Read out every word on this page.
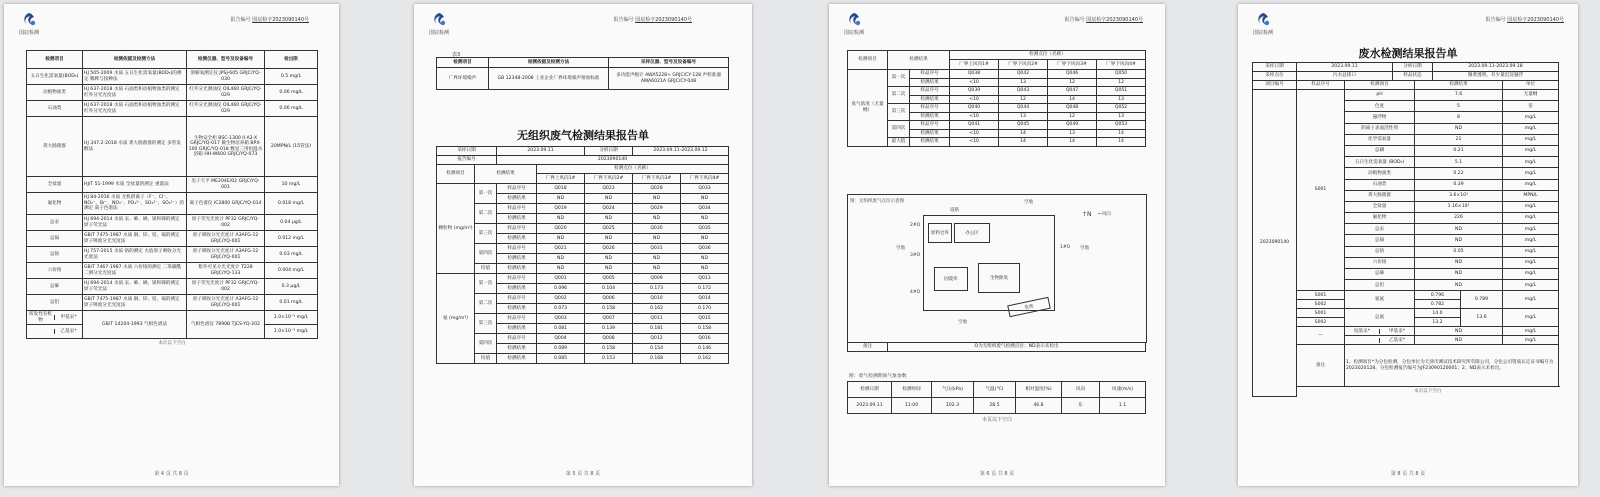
国辰检测
报告编号 国辰检字2023090140号
检测项目	检测依据及检测方法	检测仪器、型号及设备编号	检出限
五日生化需氧量(BOD₅)	HJ 505-2009 水质 五日生化需氧量(BOD₅)的测定 稀释与接种法	溶解氧测定仪 JPSJ-605 GRJC/YQ-030	0.5 mg/L
动植物油类	HJ 637-2018 水质 石油类和动植物油类的测定 红外分光光度法	红外分光测油仪 OIL460 GRJC/YQ-029	0.06 mg/L
石油类	HJ 637-2018 水质 石油类和动植物油类的测定 红外分光光度法	红外分光测油仪 OIL460 GRJC/YQ-029	0.06 mg/L
粪大肠菌群	HJ 347.2-2018 水质 粪大肠菌群的测定 多管发酵法	生物安全柜 BSC-1300 II A2-X GRJC/YQ-017 微生物培养箱 BPX-100 GRJC/YQ-018 数显三用恒温水浴箱 HH-W600 GRJC/YQ-073	20MPN/L (15管法)
全盐量	HJ/T 51-1999 水质 全盐量的测定 重量法	电子天平 ME204E/02 GRJC/YQ-001	10 mg/L
氟化物	HJ 84-2016 水质 无机阴离子（F⁻、Cl⁻、NO₂⁻、Br⁻、NO₃⁻、PO₄³⁻、SO₃²⁻、SO₄²⁻）的测定 离子色谱法	离子色谱仪 IC2800 GRJC/YQ-014	0.018 mg/L
总汞	HJ 694-2014 水质 汞、砷、硒、铋和锑的测定 原子荧光法	原子荧光光度计 PF32 GRJC/YQ-002	0.04 μg/L
总镉	GB/T 7475-1987 水质 铜、锌、铅、镉的测定 原子吸收分光光度法	原子吸收分光光度计 A3AFG-12 GRJC/YQ-001	0.012 mg/L
总铬	HJ 757-2015 水质 铬的测定 火焰原子吸收分光光度法	原子吸收分光光度计 A3AFG-12 GRJC/YQ-001	0.03 mg/L
六价铬	GB/T 7467-1987 水质 六价铬的测定 二苯碳酰二肼分光光度法	紫外可见分光光度计 T228 GRJC/YQ-133	0.004 mg/L
总砷	HJ 694-2014 水质 汞、砷、硒、铋和锑的测定 原子荧光法	原子荧光光度计 PF32 GRJC/YQ-002	0.3 μg/L
总铅	GB/T 7475-1987 水质 铜、锌、铅、镉的测定 原子吸收分光光度法	原子吸收分光光度计 A3AFG-12 GRJC/YQ-001	0.01 mg/L

挥发性有机物
甲基汞*	GB/T 14204-1993 气相色谱法	气相色谱仪 7890B TJCS-YQ-202	1.0×10⁻⁵ mg/L

乙基汞*			1.0×10⁻⁵ mg/L
本页以下空白			
第 4 页 共 8 页
国辰检测
报告编号 国辰检字2023090140号
表3
检测项目	检测依据及检测方法	采样仪器、型号及设备编号
厂界环境噪声	GB 12348-2008 工业企业厂界环境噪声排放标准	多功能声级计 AWA5228+ GRJC/CY-128 声校准器 AWA6021A GRJC/CY-048
无组织废气检测结果报告单
采样日期		2023.09.11		分析日期	2023.09.11-2023.09.12	
报告编号		2023090140				
检测项目	检测结果		检测点位（名称）			
			厂界上风向1#	厂界下风向2#	厂界下风向3#	厂界下风向4#
颗粒物 (mg/m³)	第一次	样品序号	Q018	Q023	Q028	Q033
		检测结果	ND	ND	ND	ND
	第二次	样品序号	Q019	Q024	Q029	Q034
		检测结果	ND	ND	ND	ND
	第三次	样品序号	Q020	Q025	Q030	Q035
		检测结果	ND	ND	ND	ND
	第四次	样品序号	Q021	Q026	Q031	Q036
		检测结果	ND	ND	ND	ND
	均值	检测结果	ND	ND	ND	ND
氨 (mg/m³)	第一次	样品序号	Q001	Q005	Q009	Q013
		检测结果	0.096	0.104	0.173	0.172
	第二次	样品序号	Q002	Q006	Q010	Q014
		检测结果	0.073	0.158	0.162	0.170
	第三次	样品序号	Q003	Q007	Q011	Q015
		检测结果	0.081	0.139	0.181	0.158
	第四次	样品序号	Q004	Q008	Q012	Q016
		检测结果	0.089	0.158	0.154	0.146
	均值	检测结果	0.085	0.153	0.168	0.162
第 5 页 共 8 页
国辰检测
报告编号 国辰检字2023090140号
检测项目	检测结果		检测点位（名称）			
			厂界上风向1#	厂界下风向2#	厂界下风向3#	厂界下风向4#
臭气浓度（无量纲）	第一次	样品序号	Q038	Q042	Q046	Q050
		检测结果	<10	13	12	12
	第二次	样品序号	Q039	Q043	Q047	Q051
		检测结果	<10	12	14	13
	第三次	样品序号	Q040	Q044	Q048	Q052
		检测结果	<10	13	12	13
	第四次	样品序号	Q041	Q045	Q049	Q053
		检测结果	<10	14	13	14
	最大值	检测结果	<10	14	14	14
图：无组织废气点位示意图
↑N ←风向
道路
原料仓库	办公区
固废库	生物除臭
危废
2#O
3#O
4#O
1#O
空地	空地
空地
空地
备注	O为无组织废气检测点位；ND表示未检出
附：废气检测期间气象参数
检测日期	检测时间	气压(kPa)	气温(℃)	相对湿度(%)	风向	风速(m/s)
2023.09.11	11:00	102.3	28.5	46.8	东	1.1
本页以下空白
第 6 页 共 8 页
国辰检测
报告编号 国辰检字2023090140号
废水检测结果报告单
采样日期	2023.09.11	分析日期	2023.09.11-2023.09.18
采样点位	污水总排口	样品状态	微黄透明、有少量沉淀悬浮
项目编号	样品序号	检测项目	检测结果		单位
2023090140	S001	pH	7.6		无量纲
		色度	5		倍
		悬浮物	8		mg/L
		阴离子表面活性剂	ND		mg/L
		化学需氧量	21		mg/L
		总磷	0.21		mg/L
		五日生化需氧量 (BOD₅)	5.1		mg/L
		动植物油类	0.22		mg/L
		石油类	0.39		mg/L
		粪大肠菌群	3.6×10³		MPN/L
		全盐量	1.16×10³		mg/L
		氟化物	226		mg/L
		总汞	ND		mg/L
		总镉	ND		mg/L
		总铬	0.05		mg/L
		六价铬	ND		mg/L
		总砷	ND		mg/L
		总铅	ND		mg/L
	S001	氨氮	0.796	0.789	mg/L
	S002		0.782		
	S001	总氮	14.0	13.6	mg/L
	S002		13.2		
	—	烷基汞* 甲基汞*	ND		mg/L

		乙基汞*	ND		mg/L
	备注	1、检测项目*为分包检测，分包单位为天津市测试技术研究所有限公司，分包公司资质认定证书编号为2023020128，分包检测报告编号为JF23090120001；2、ND表示未检出。			
	本页以下空白				
第 8 页 共 8 页
